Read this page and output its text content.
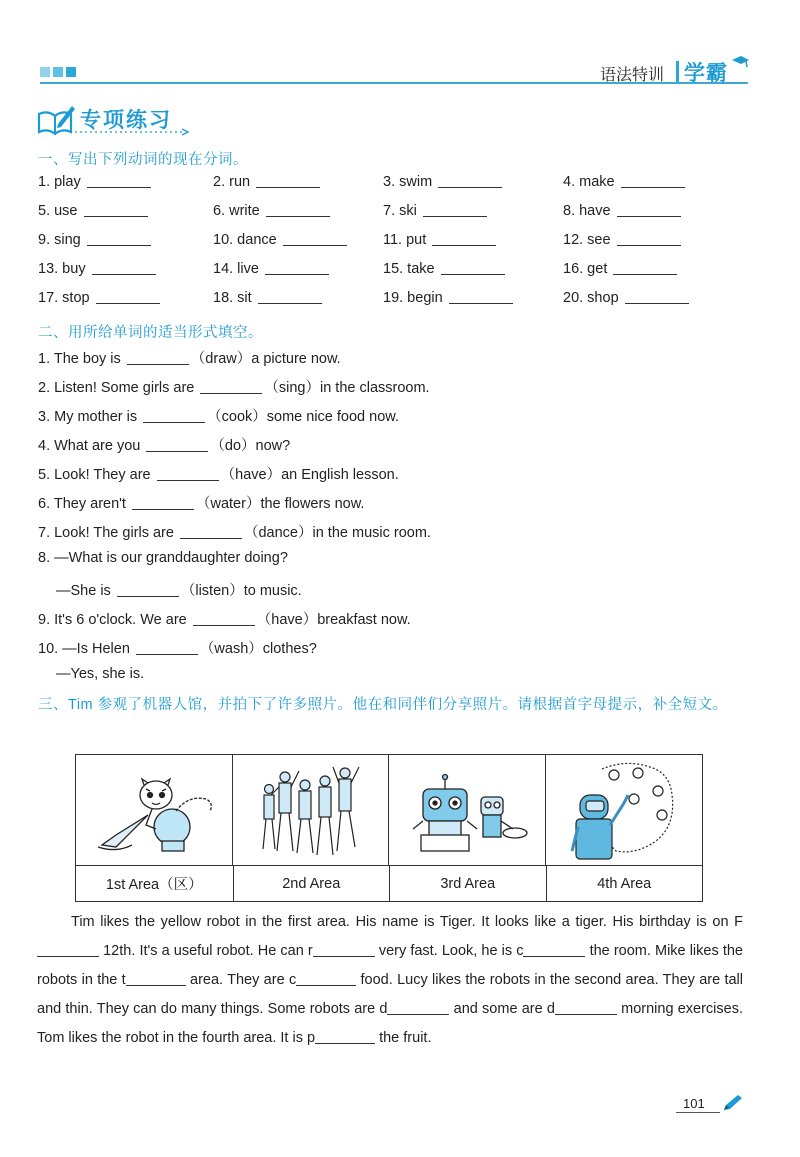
语法特训 学霸
专项练习
一、写出下列动词的现在分词。
1. play	2. run	3. swim	4. make
5. use	6. write	7. ski	8. have
9. sing	10. dance	11. put	12. see
13. buy	14. live	15. take	16. get
17. stop	18. sit	19. begin	20. shop
二、用所给单词的适当形式填空。
1. The boy is	（draw）a picture now.
2. Listen! Some girls are	（sing）in the classroom.
3. My mother is	（cook）some nice food now.
4. What are you	（do）now?
5. Look! They are	（have）an English lesson.
6. They aren't	（water）the flowers now.
7. Look! The girls are	（dance）in the music room.
8. —What is our granddaughter doing?
—She is	（listen）to music.
9. It's 6 o'clock. We are	（have）breakfast now.
10. —Is Helen	（wash）clothes?
—Yes, she is.
三、Tim 参观了机器人馆，并拍下了许多照片。他在和同伴们分享照片。请根据首字母提示，补全短文。
1st Area（区）	2nd Area	3rd Area	4th Area
Tim likes the yellow robot in the first area. His name is Tiger. It looks like a tiger. His birthday is on F 12th. It's a useful robot. He can r	very fast. Look, he is c	the room. Mike likes the robots in the t	area. They are c	food. Lucy likes the robots in the second area. They are tall and thin. They can do many things. Some robots are d	and some are d	morning exercises. Tom likes the robot in the fourth area. It is p	the fruit.
101
